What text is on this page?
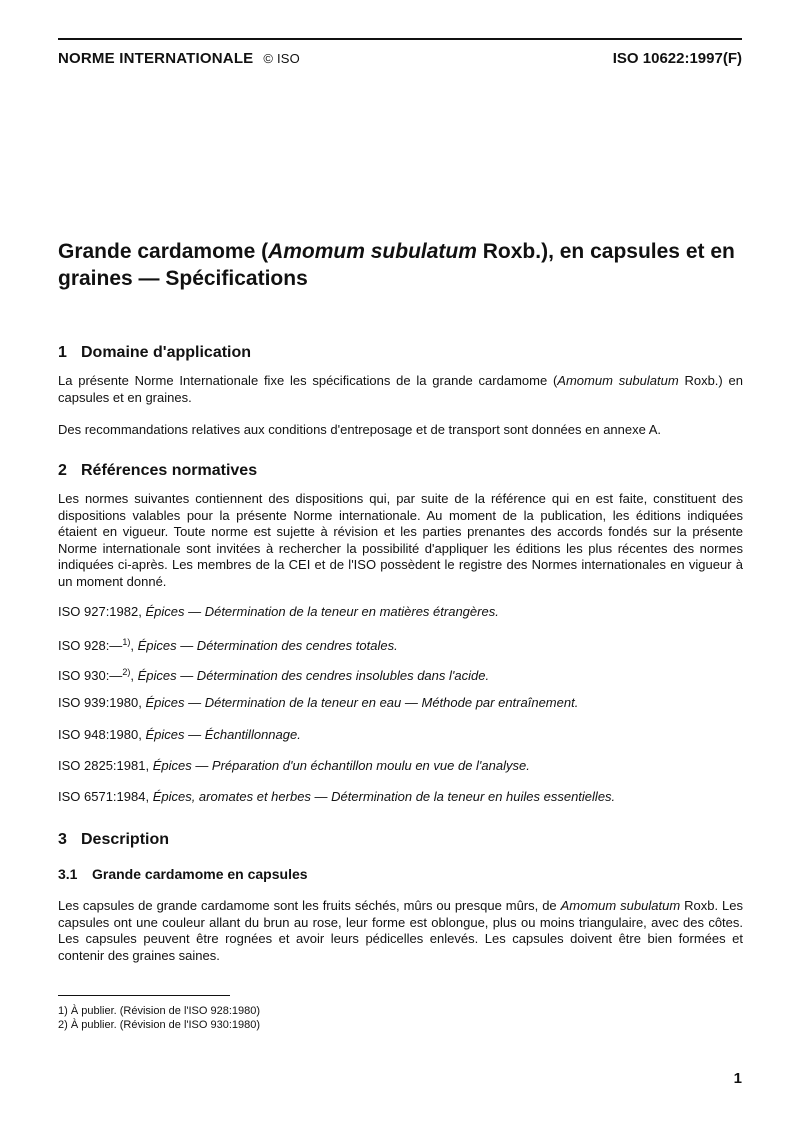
NORME INTERNATIONALE © ISO	ISO 10622:1997(F)
Grande cardamome (Amomum subulatum Roxb.), en capsules et en graines — Spécifications
1 Domaine d'application
La présente Norme Internationale fixe les spécifications de la grande cardamome (Amomum subulatum Roxb.) en capsules et en graines.
Des recommandations relatives aux conditions d'entreposage et de transport sont données en annexe A.
2 Références normatives
Les normes suivantes contiennent des dispositions qui, par suite de la référence qui en est faite, constituent des dispositions valables pour la présente Norme internationale. Au moment de la publication, les éditions indiquées étaient en vigueur. Toute norme est sujette à révision et les parties prenantes des accords fondés sur la présente Norme internationale sont invitées à rechercher la possibilité d'appliquer les éditions les plus récentes des normes indiquées ci-après. Les membres de la CEI et de l'ISO possèdent le registre des Normes internationales en vigueur à un moment donné.
ISO 927:1982, Épices — Détermination de la teneur en matières étrangères.
ISO 928:—$^{1)}$, Épices — Détermination des cendres totales.
ISO 930:—$^{2)}$, Épices — Détermination des cendres insolubles dans l'acide.
ISO 939:1980, Épices — Détermination de la teneur en eau — Méthode par entraînement.
ISO 948:1980, Épices — Échantillonnage.
ISO 2825:1981, Épices — Préparation d'un échantillon moulu en vue de l'analyse.
ISO 6571:1984, Épices, aromates et herbes — Détermination de la teneur en huiles essentielles.
3 Description
3.1 Grande cardamome en capsules
Les capsules de grande cardamome sont les fruits séchés, mûrs ou presque mûrs, de Amomum subulatum Roxb. Les capsules ont une couleur allant du brun au rose, leur forme est oblongue, plus ou moins triangulaire, avec des côtes. Les capsules peuvent être rognées et avoir leurs pédicelles enlevés. Les capsules doivent être bien formées et contenir des graines saines.
1) À publier. (Révision de l'ISO 928:1980)
2) À publier. (Révision de l'ISO 930:1980)
1
